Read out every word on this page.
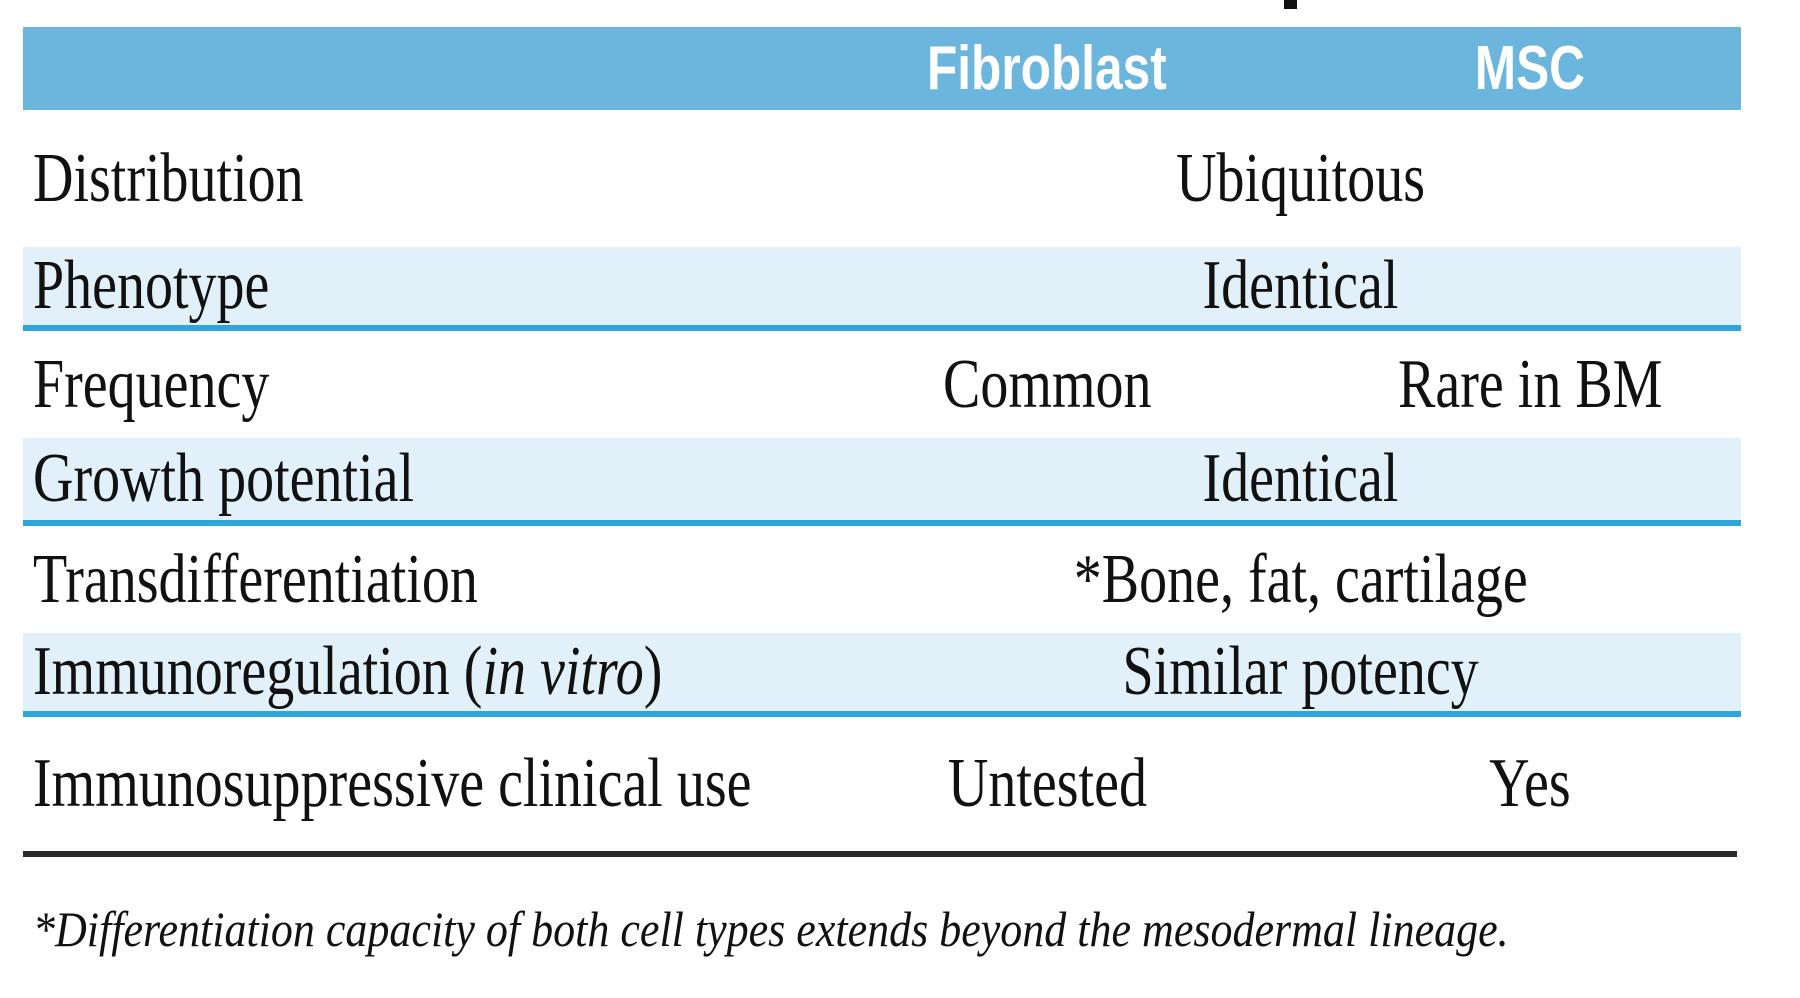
	Fibroblast	MSC
Distribution	Ubiquitous	
Phenotype	Identical	
Frequency	Common	Rare in BM
Growth potential	Identical	
Transdifferentiation	*Bone, fat, cartilage	
Immunoregulation (in vitro)	Similar potency	
Immunosuppressive clinical use	Untested	Yes
*Differentiation capacity of both cell types extends beyond the mesodermal lineage.
